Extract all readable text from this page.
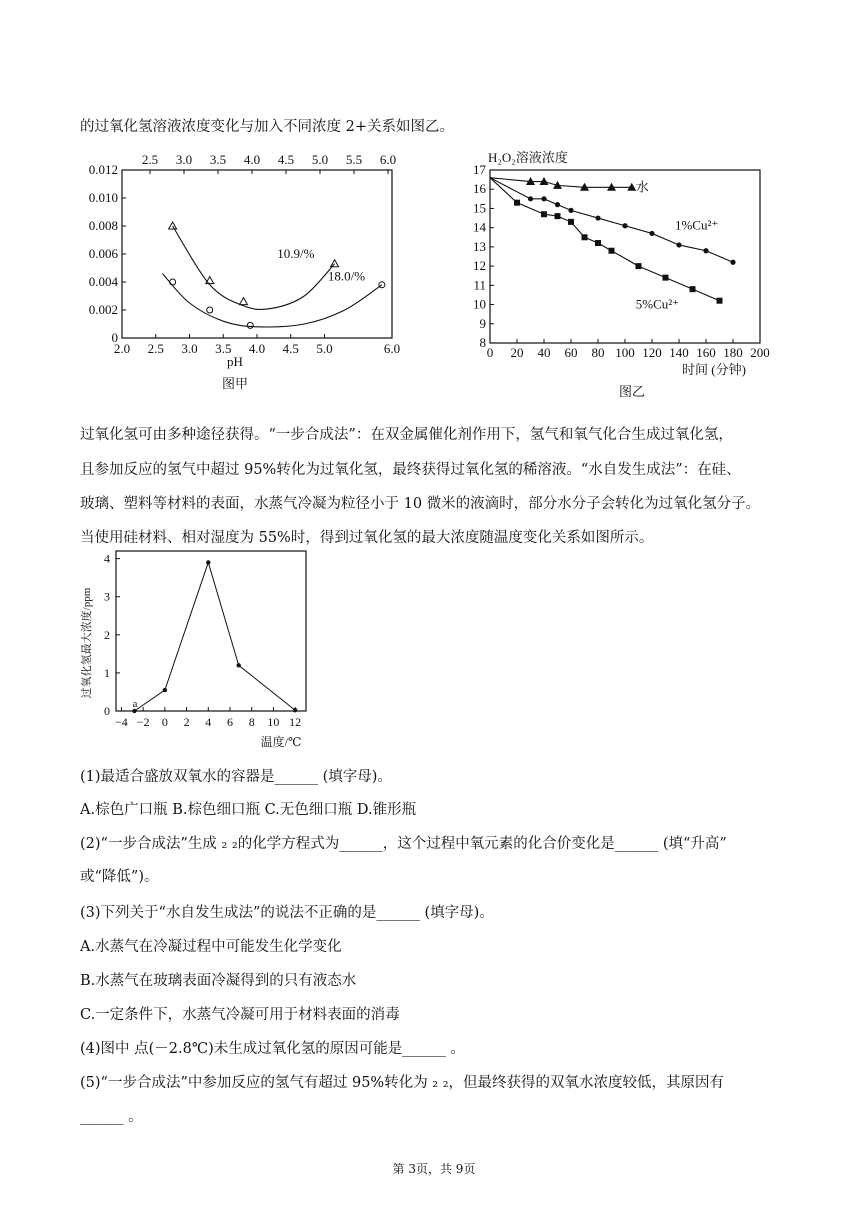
的过氧化氢溶液浓度变化与加入不同浓度 2+关系如图乙。
2.0 2.5 3.0 3.5 4.0 4.5 5.0	6.0
2.5 3.0 3.5 4.0 4.5 5.0 5.5 6.0
0
0.002
0.004
0.006
0.008
0.010
0.012
10.9/%
18.0/%
pH
图甲
H₂O₂溶液浓度
0 20 40 60 80 100 120 140 160 180 200
8
9
10
11
12
13
14
15
16
17
水
1%Cu²⁺
5%Cu²⁺
时间 (分钟)
图乙
过氧化氢可由多种途径获得。“一步合成法”：在双金属催化剂作用下，氢气和氧气化合生成过氧化氢，
且参加反应的氢气中超过 95%转化为过氧化氢，最终获得过氧化氢的稀溶液。“水自发生成法”：在硅、
玻璃、塑料等材料的表面，水蒸气冷凝为粒径小于 10 微米的液滴时，部分水分子会转化为过氧化氢分子。
当使用硅材料、相对湿度为 55%时，得到过氧化氢的最大浓度随温度变化关系如图所示。
过氧化氢最大浓度/ppm
−4 −2 0 2 4 6 8 10 12
0
1
2
3
4
a
温度/℃
(1)最适合盛放双氧水的容器是______ (填字母)。
A.棕色广口瓶 B.棕色细口瓶 C.无色细口瓶 D.锥形瓶
(2)“一步合成法”生成 ₂ ₂的化学方程式为______，这个过程中氧元素的化合价变化是______ (填“升高”
或“降低”)。
(3)下列关于“水自发生成法”的说法不正确的是______ (填字母)。
A.水蒸气在冷凝过程中可能发生化学变化
B.水蒸气在玻璃表面冷凝得到的只有液态水
C.一定条件下，水蒸气冷凝可用于材料表面的消毒
(4)图中 点(－2.8℃)未生成过氧化氢的原因可能是______ 。
(5)“一步合成法”中参加反应的氢气有超过 95%转化为 ₂ ₂，但最终获得的双氧水浓度较低，其原因有
______ 。
第 3页，共 9页
